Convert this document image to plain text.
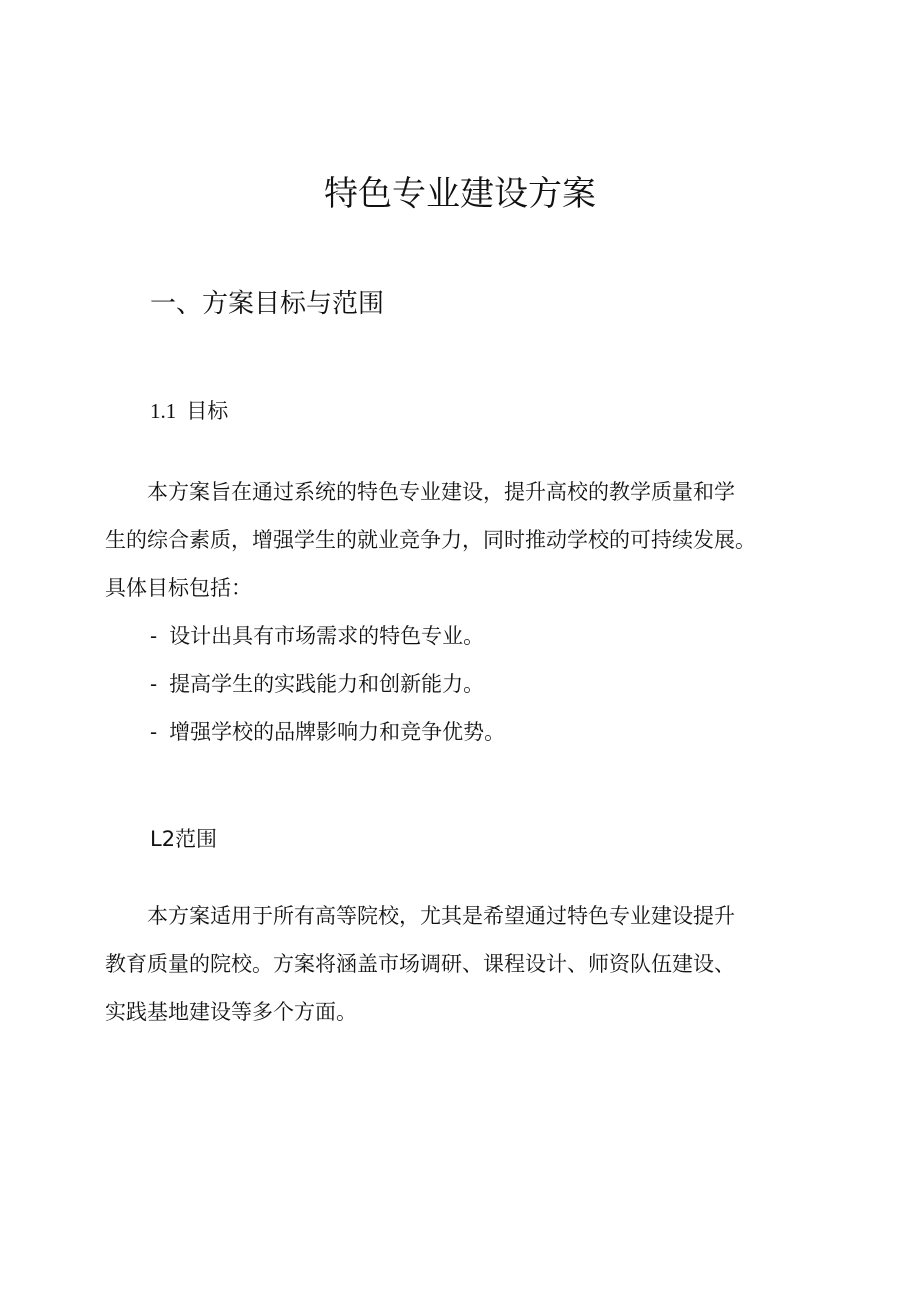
特色专业建设方案
一、方案目标与范围
1.1 目标

本方案旨在通过系统的特色专业建设，提升高校的教学质量和学
生的综合素质，增强学生的就业竞争力，同时推动学校的可持续发展。
具体目标包括：

- 设计出具有市场需求的特色专业。
- 提高学生的实践能力和创新能力。
- 增强学校的品牌影响力和竞争优势。
L2范围

本方案适用于所有高等院校，尤其是希望通过特色专业建设提升
教育质量的院校。方案将涵盖市场调研、课程设计、师资队伍建设、
实践基地建设等多个方面。
